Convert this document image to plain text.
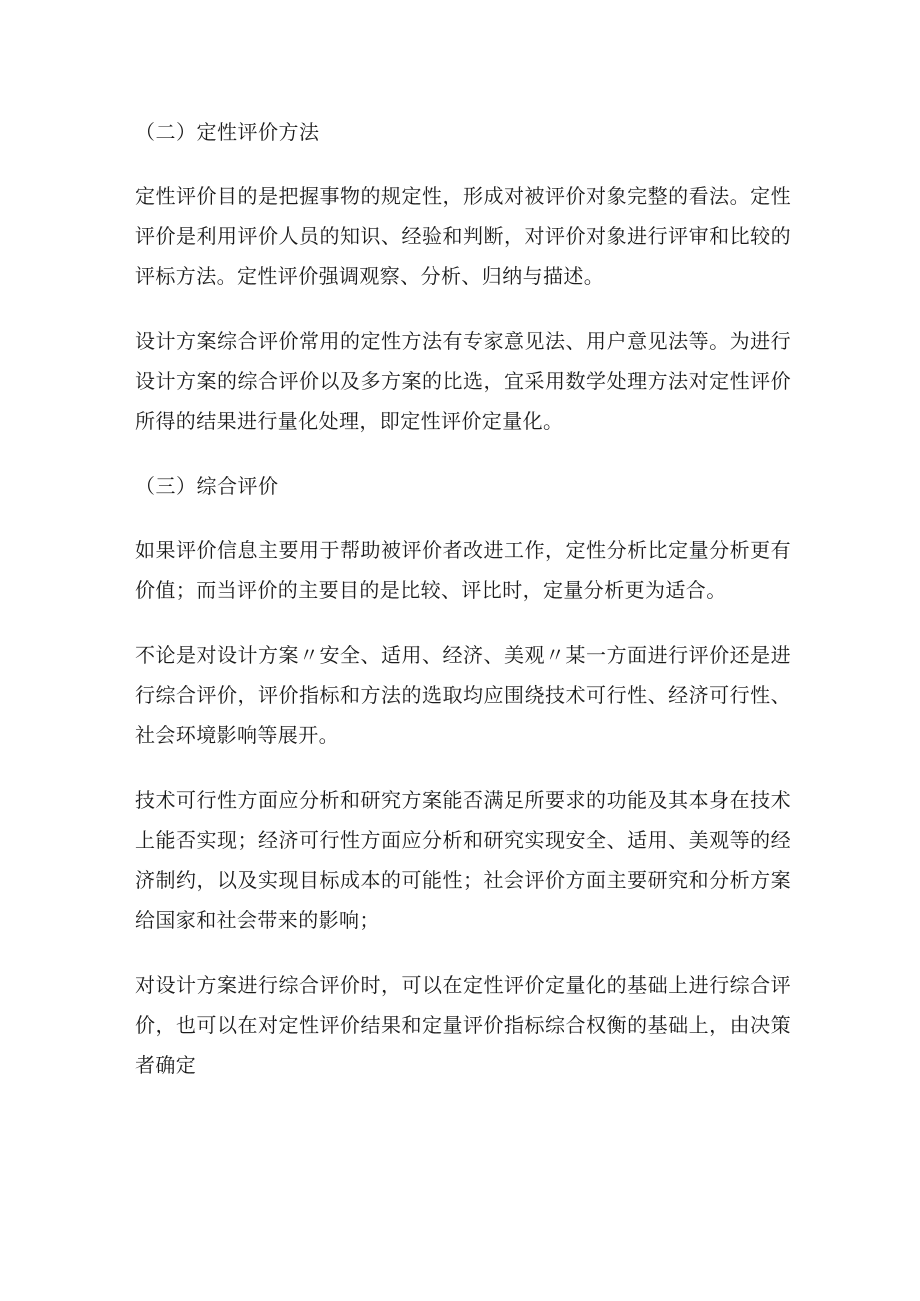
（二）定性评价方法

定性评价目的是把握事物的规定性，形成对被评价对象完整的看法。定性评价是利用评价人员的知识、经验和判断，对评价对象进行评审和比较的评标方法。定性评价强调观察、分析、归纳与描述。

设计方案综合评价常用的定性方法有专家意见法、用户意见法等。为进行设计方案的综合评价以及多方案的比选，宜采用数学处理方法对定性评价所得的结果进行量化处理，即定性评价定量化。

（三）综合评价

如果评价信息主要用于帮助被评价者改进工作，定性分析比定量分析更有价值；而当评价的主要目的是比较、评比时，定量分析更为适合。

不论是对设计方案〃安全、适用、经济、美观〃某一方面进行评价还是进行综合评价，评价指标和方法的选取均应围绕技术可行性、经济可行性、社会环境影响等展开。

技术可行性方面应分析和研究方案能否满足所要求的功能及其本身在技术上能否实现；经济可行性方面应分析和研究实现安全、适用、美观等的经济制约，以及实现目标成本的可能性；社会评价方面主要研究和分析方案给国家和社会带来的影响；

对设计方案进行综合评价时，可以在定性评价定量化的基础上进行综合评价，也可以在对定性评价结果和定量评价指标综合权衡的基础上，由决策者确定
